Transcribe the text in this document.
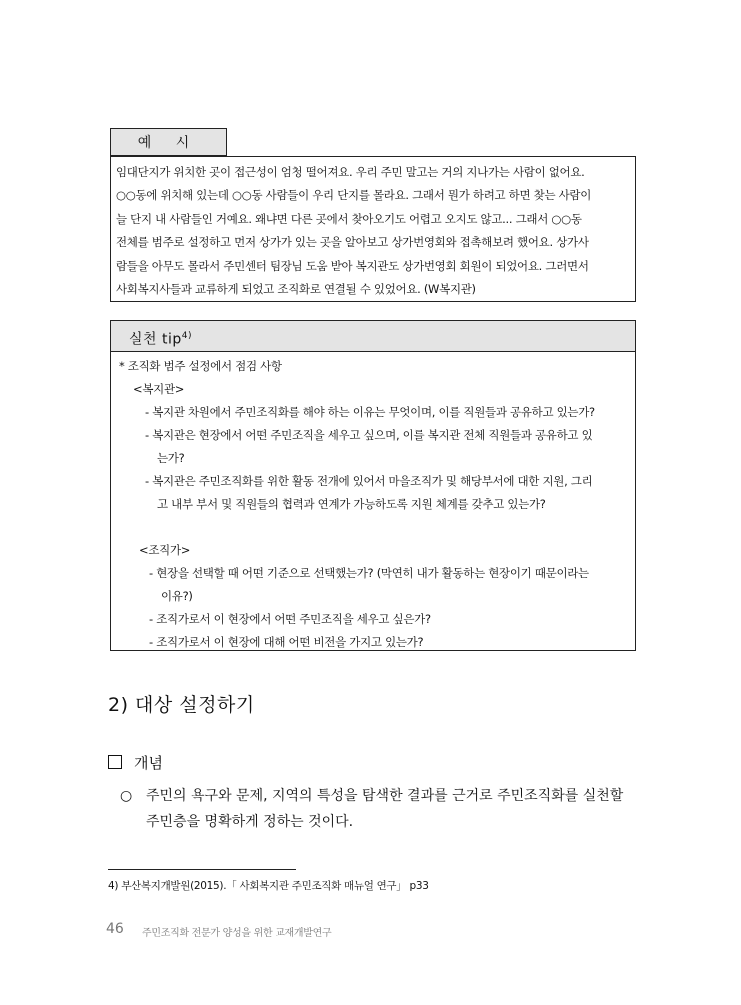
예 시
임대단지가 위치한 곳이 접근성이 엄청 떨어져요. 우리 주민 말고는 거의 지나가는 사람이 없어요.
○○동에 위치해 있는데 ○○동 사람들이 우리 단지를 몰라요. 그래서 뭔가 하려고 하면 찾는 사람이
늘 단지 내 사람들인 거예요. 왜냐면 다른 곳에서 찾아오기도 어렵고 오지도 않고... 그래서 ○○동
전체를 범주로 설정하고 먼저 상가가 있는 곳을 알아보고 상가번영회와 접촉해보려 했어요. 상가사
람들을 아무도 몰라서 주민센터 팀장님 도움 받아 복지관도 상가번영회 회원이 되었어요. 그러면서
사회복지사들과 교류하게 되었고 조직화로 연결될 수 있었어요. (W복지관)
실천 tip$^{4)}$
* 조직화 범주 설정에서 점검 사항
<복지관>
- 복지관 차원에서 주민조직화를 해야 하는 이유는 무엇이며, 이를 직원들과 공유하고 있는가?
- 복지관은 현장에서 어떤 주민조직을 세우고 싶으며, 이를 복지관 전체 직원들과 공유하고 있
는가?
- 복지관은 주민조직화를 위한 활동 전개에 있어서 마을조직가 및 해당부서에 대한 지원, 그리
고 내부 부서 및 직원들의 협력과 연계가 가능하도록 지원 체계를 갖추고 있는가?
<조직가>
- 현장을 선택할 때 어떤 기준으로 선택했는가? (막연히 내가 활동하는 현장이기 때문이라는
이유?)
- 조직가로서 이 현장에서 어떤 주민조직을 세우고 싶은가?
- 조직가로서 이 현장에 대해 어떤 비전을 가지고 있는가?
2) 대상 설정하기
개념
○ 주민의 욕구와 문제, 지역의 특성을 탐색한 결과를 근거로 주민조직화를 실천할
주민층을 명확하게 정하는 것이다.
4) 부산복지개발원(2015).「 사회복지관 주민조직화 매뉴얼 연구」 p33
46 주민조직화 전문가 양성을 위한 교재개발연구
